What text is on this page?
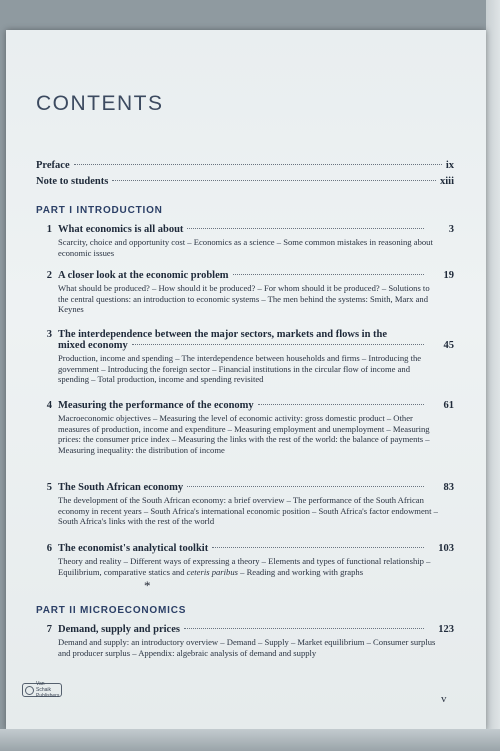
CONTENTS
Preface	ix
Note to students	xiii
PART I INTRODUCTION
1 What economics is all about	3
Scarcity, choice and opportunity cost – Economics as a science – Some common mistakes in reasoning about economic issues
2 A closer look at the economic problem	19
What should be produced? – How should it be produced? – For whom should it be produced? – Solutions to the central questions: an introduction to economic systems – The men behind the systems: Smith, Marx and Keynes
3 The interdependence between the major sectors, markets and flows in the
mixed economy	45
Production, income and spending – The interdependence between households and firms – Introducing the government – Introducing the foreign sector – Financial institutions in the circular flow of income and spending – Total production, income and spending revisited
4 Measuring the performance of the economy	61
Macroeconomic objectives – Measuring the level of economic activity: gross domestic product – Other measures of production, income and expenditure – Measuring employment and unemployment – Measuring prices: the consumer price index – Measuring the links with the rest of the world: the balance of payments – Measuring inequality: the distribution of income
5 The South African economy	83
The development of the South African economy: a brief overview – The performance of the South African economy in recent years – South Africa's international economic position – South Africa's factor endowment – South Africa's links with the rest of the world
6 The economist's analytical toolkit	103
Theory and reality – Different ways of expressing a theory – Elements and types of functional relationship – Equilibrium, comparative statics and ceteris paribus – Reading and working with graphs
*
PART II MICROECONOMICS
7 Demand, supply and prices	123
Demand and supply: an introductory overview – Demand – Supply – Market equilibrium – Consumer surplus and producer surplus – Appendix: algebraic analysis of demand and supply
Van Schaik Publishers	v
